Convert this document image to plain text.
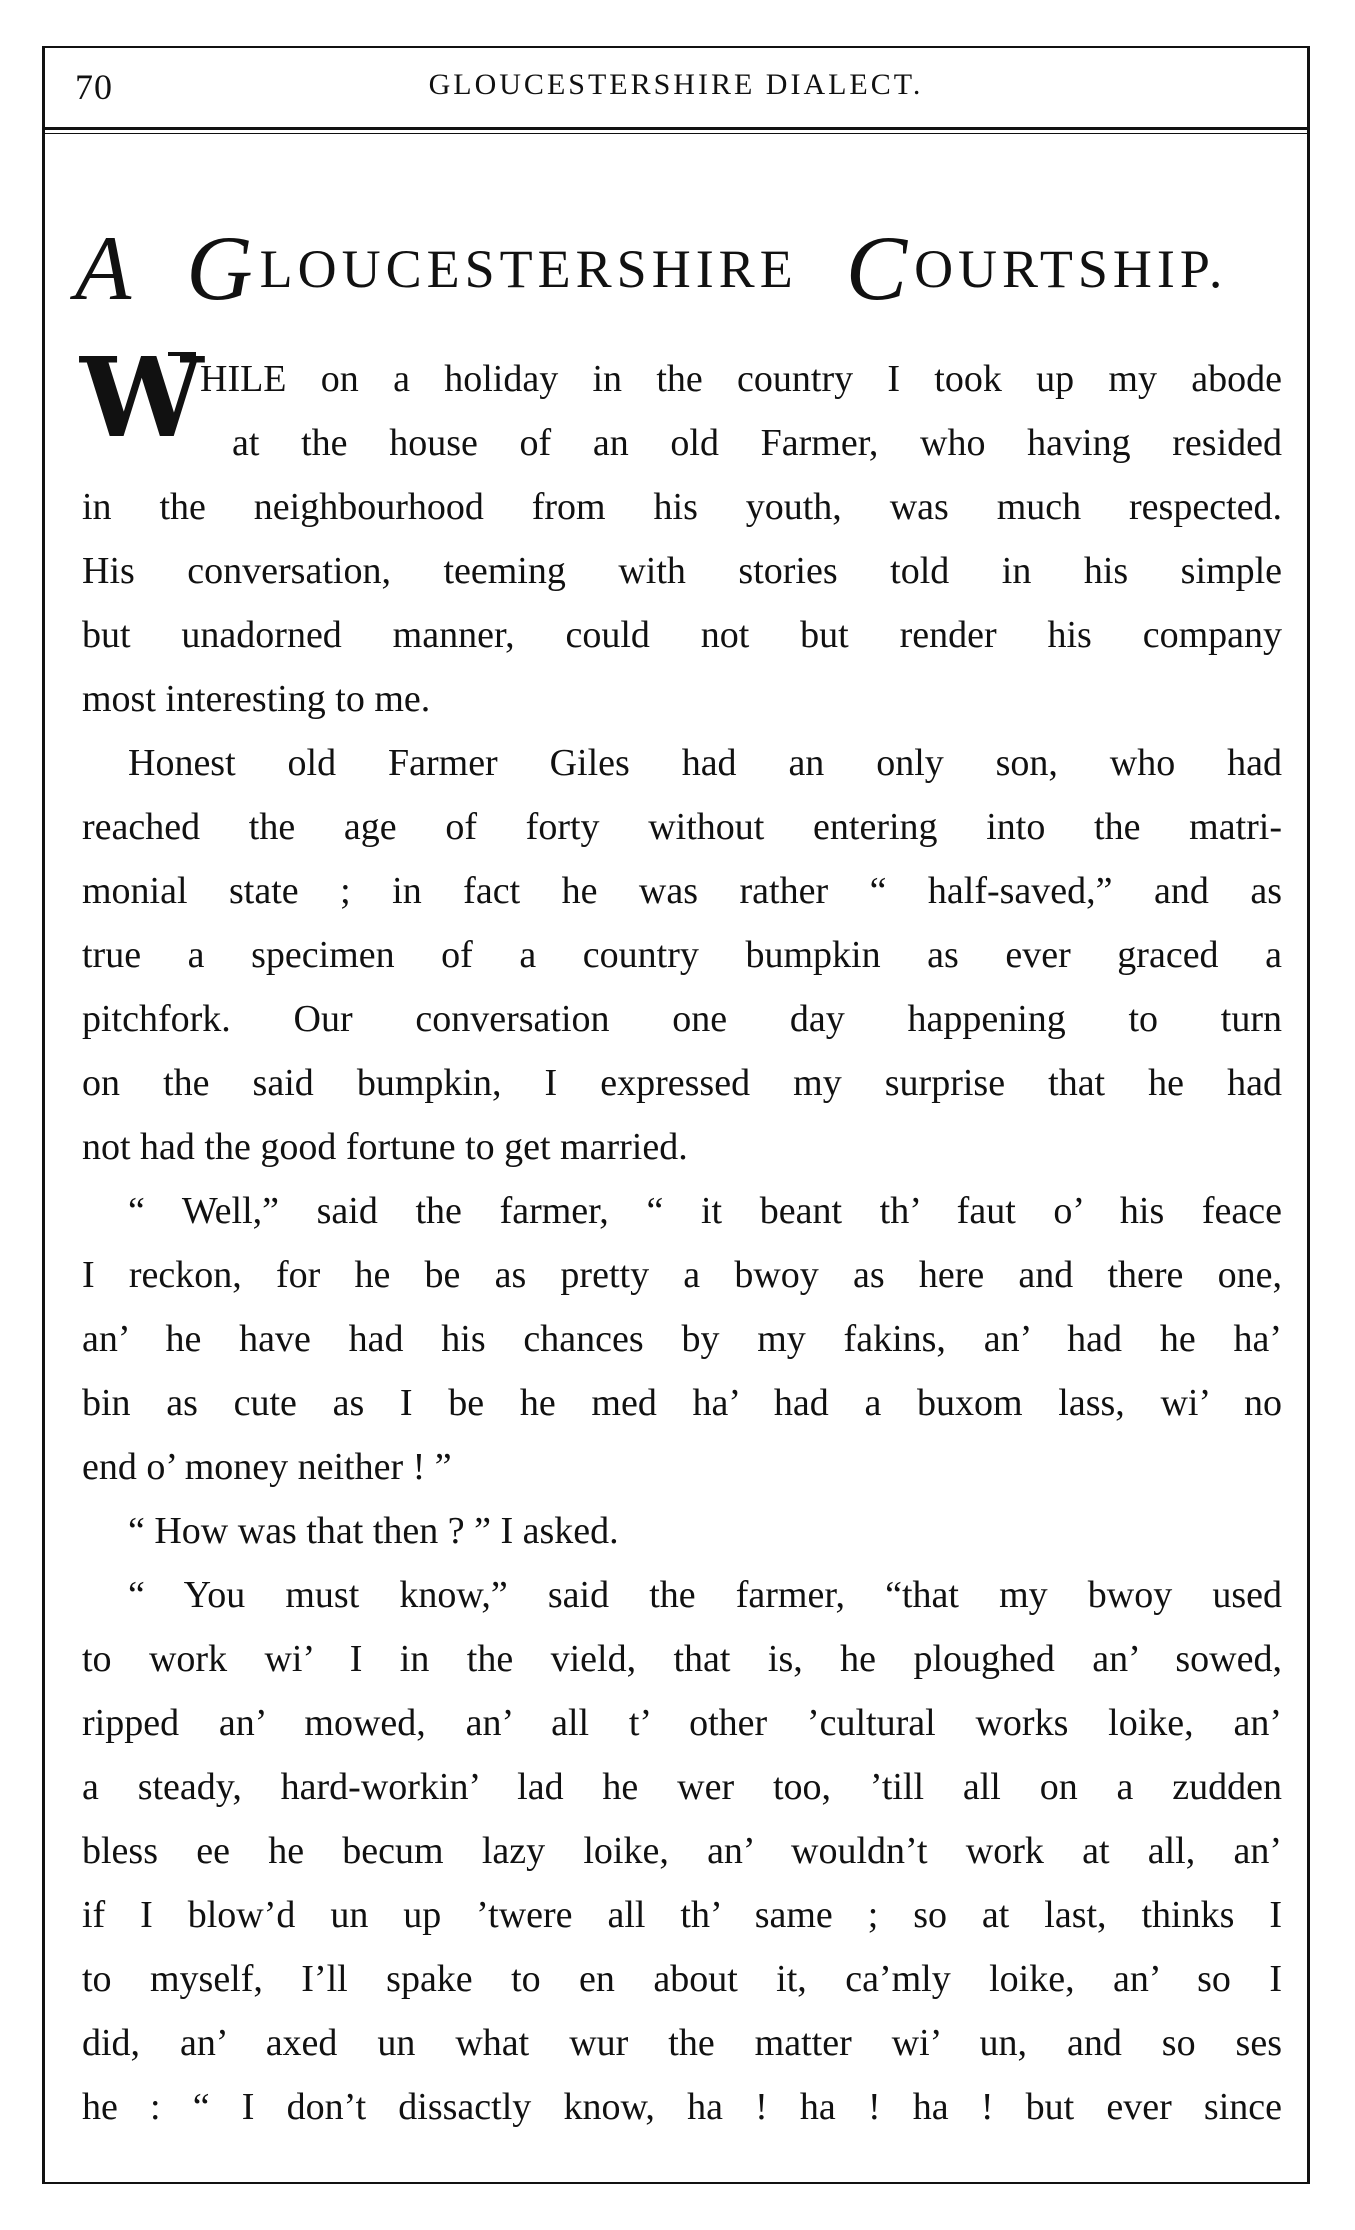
70	GLOUCESTERSHIRE DIALECT.
A GLOUCESTERSHIRE COURTSHIP.
W HILE on a holiday in the country I took up my abode
at the house of an old Farmer, who having resided
in the neighbourhood from his youth, was much respected.
His conversation, teeming with stories told in his simple
but unadorned manner, could not but render his company
most interesting to me.
Honest old Farmer Giles had an only son, who had
reached the age of forty without entering into the matri-
monial state ; in fact he was rather “ half-saved,” and as
true a specimen of a country bumpkin as ever graced a
pitchfork. Our conversation one day happening to turn
on the said bumpkin, I expressed my surprise that he had
not had the good fortune to get married.
“ Well,” said the farmer, “ it beant th’ faut o’ his feace
I reckon, for he be as pretty a bwoy as here and there one,
an’ he have had his chances by my fakins, an’ had he ha’
bin as cute as I be he med ha’ had a buxom lass, wi’ no
end o’ money neither ! ”
“ How was that then ? ” I asked.
“ You must know,” said the farmer, “that my bwoy used
to work wi’ I in the vield, that is, he ploughed an’ sowed,
ripped an’ mowed, an’ all t’ other ’cultural works loike, an’
a steady, hard-workin’ lad he wer too, ’till all on a zudden
bless ee he becum lazy loike, an’ wouldn’t work at all, an’
if I blow’d un up ’twere all th’ same ; so at last, thinks I
to myself, I’ll spake to en about it, ca’mly loike, an’ so I
did, an’ axed un what wur the matter wi’ un, and so ses
he : “ I don’t dissactly know, ha ! ha ! ha ! but ever since
